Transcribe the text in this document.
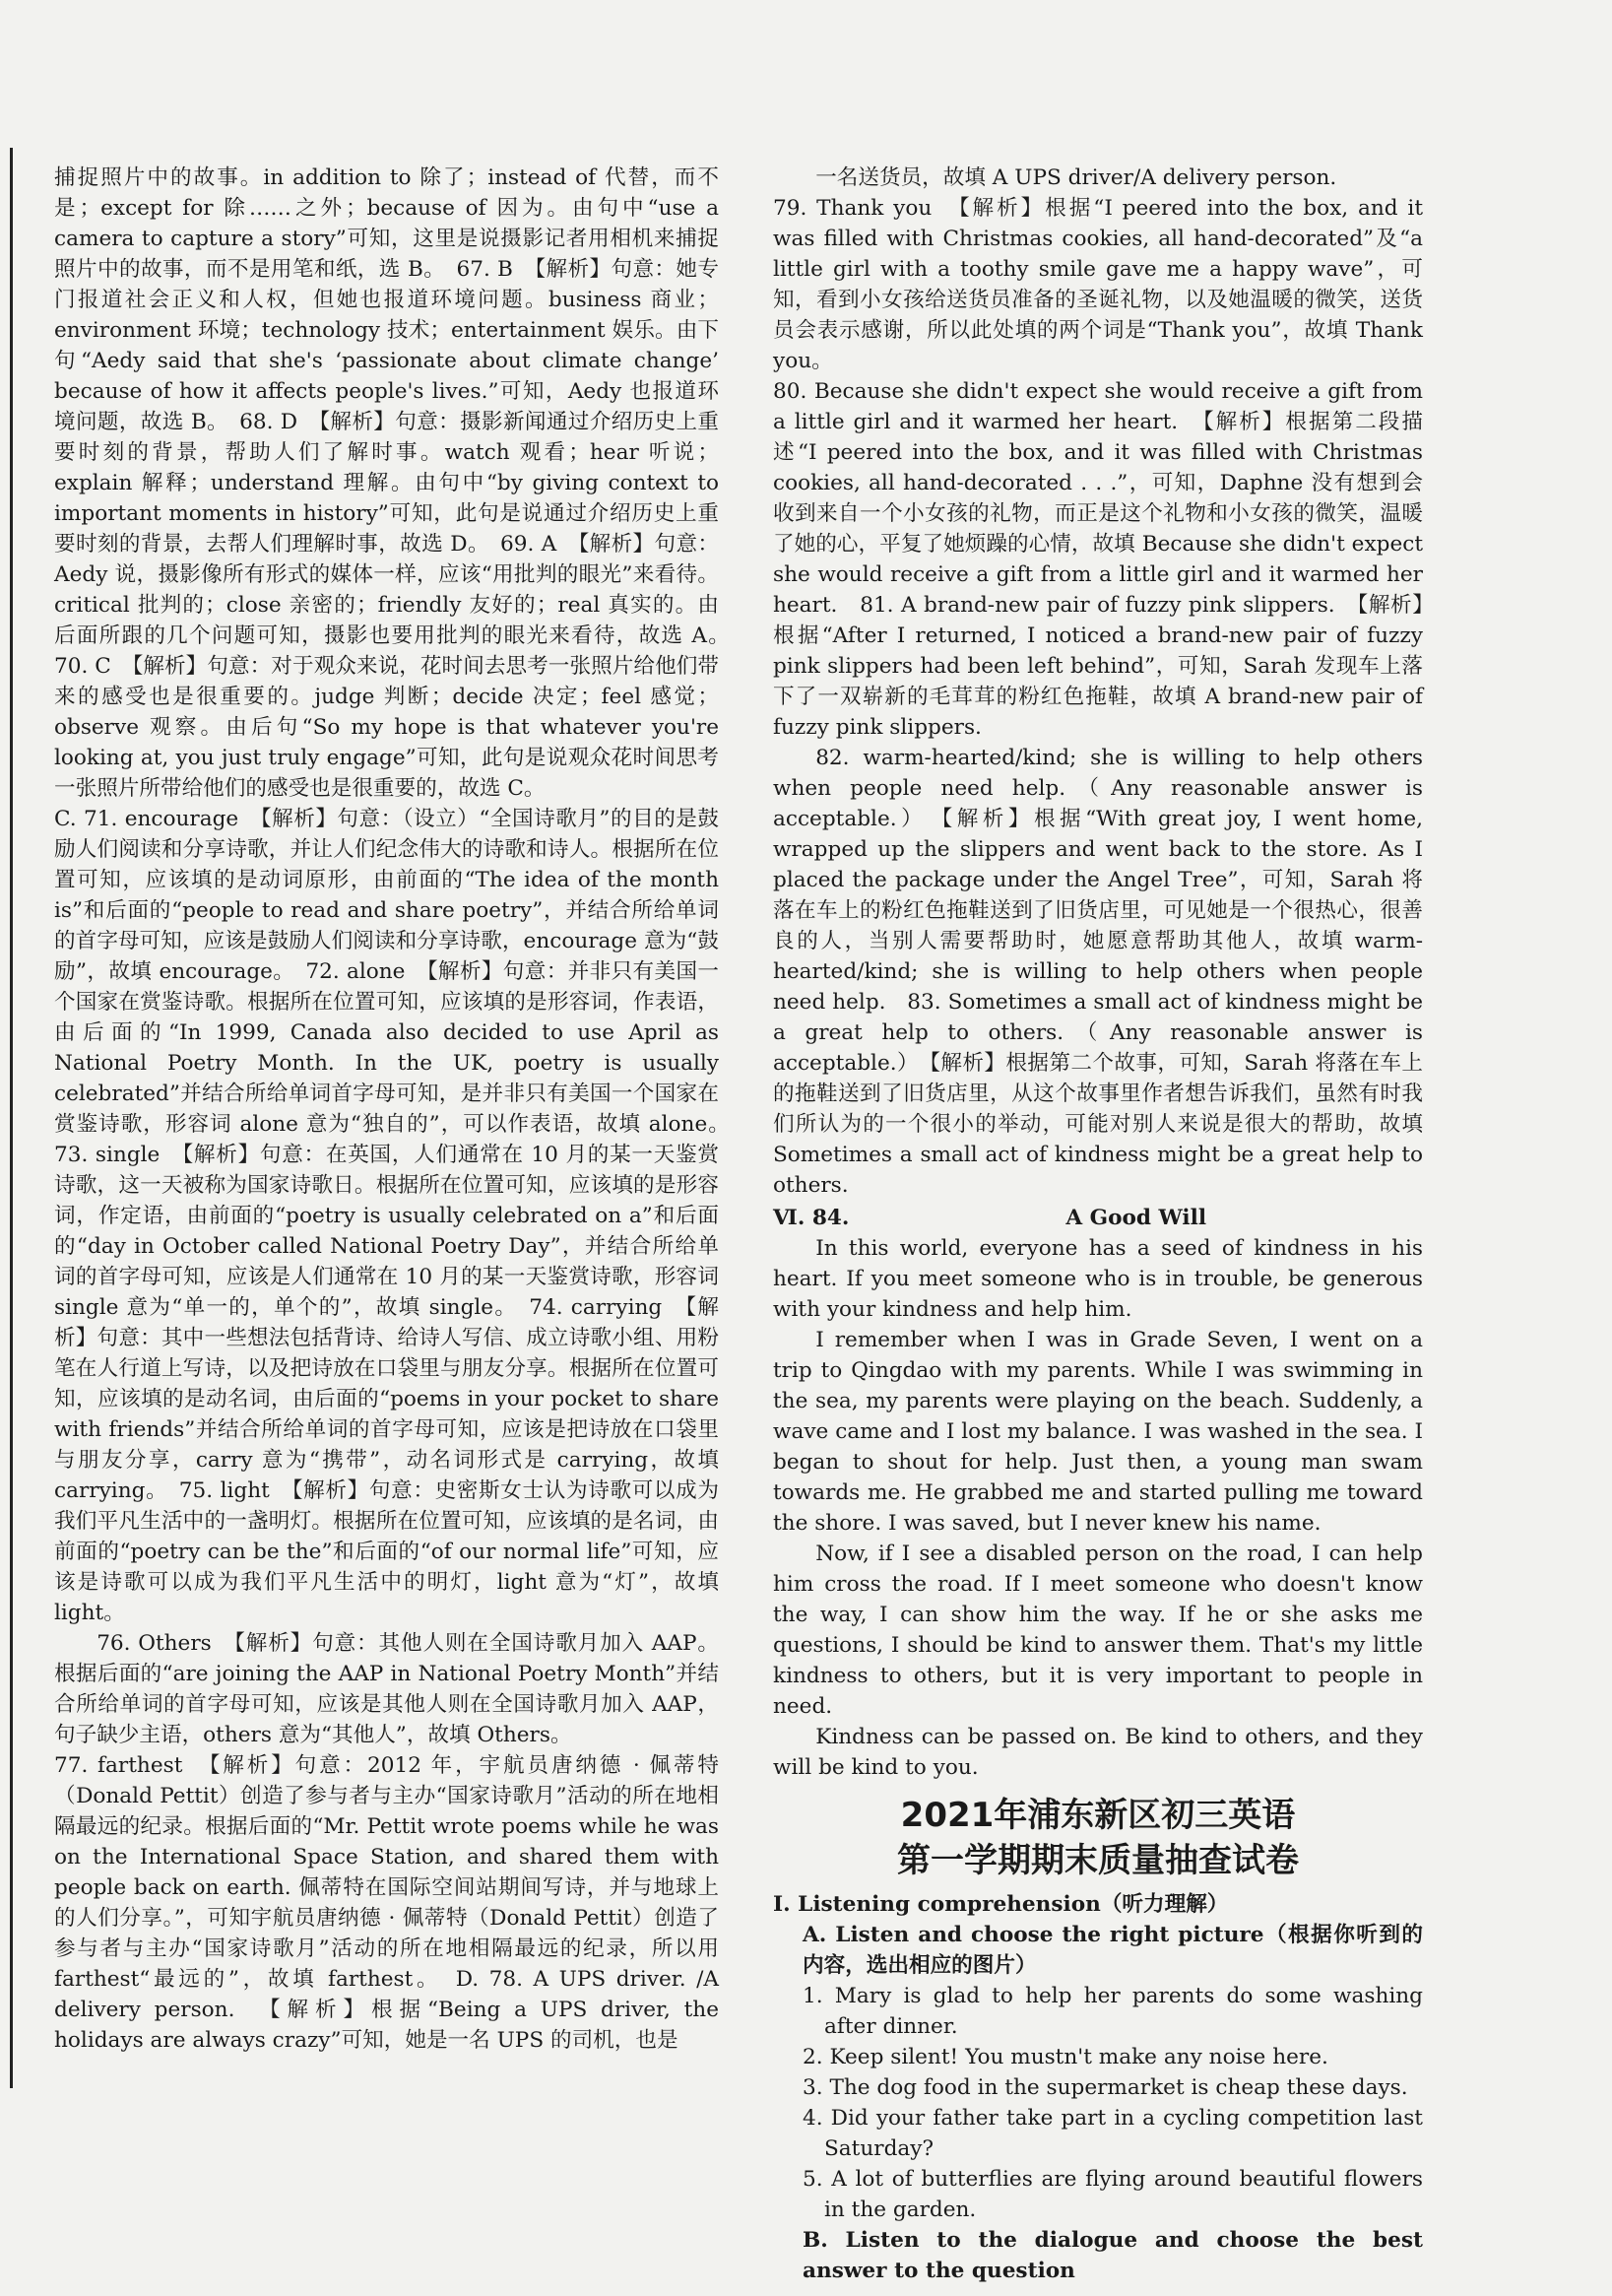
捕捉照片中的故事。in addition to 除了；instead of 代替，而不是；except for 除……之外；because of 因为。由句中“use a camera to capture a story”可知，这里是说摄影记者用相机来捕捉照片中的故事，而不是用笔和纸，选 B。　67. B　【解析】句意：她专门报道社会正义和人权，但她也报道环境问题。business 商业；environment 环境；technology 技术；entertainment 娱乐。由下句“Aedy said that she's ‘passionate about climate change’ because of how it affects people's lives.”可知，Aedy 也报道环境问题，故选 B。　68. D　【解析】句意：摄影新闻通过介绍历史上重要时刻的背景，帮助人们了解时事。watch 观看；hear 听说；explain 解释；understand 理解。由句中“by giving context to important moments in history”可知，此句是说通过介绍历史上重要时刻的背景，去帮人们理解时事，故选 D。　69. A　【解析】句意：Aedy 说，摄影像所有形式的媒体一样，应该“用批判的眼光”来看待。critical 批判的；close 亲密的；friendly 友好的；real 真实的。由后面所跟的几个问题可知，摄影也要用批判的眼光来看待，故选 A。　70. C　【解析】句意：对于观众来说，花时间去思考一张照片给他们带来的感受也是很重要的。judge 判断；decide 决定；feel 感觉；observe 观察。由后句“So my hope is that whatever you're looking at, you just truly engage”可知，此句是说观众花时间思考一张照片所带给他们的感受也是很重要的，故选 C。

C. 71. encourage　【解析】句意：（设立）“全国诗歌月”的目的是鼓励人们阅读和分享诗歌，并让人们纪念伟大的诗歌和诗人。根据所在位置可知，应该填的是动词原形，由前面的“The idea of the month is”和后面的“people to read and share poetry”，并结合所给单词的首字母可知，应该是鼓励人们阅读和分享诗歌，encourage 意为“鼓励”，故填 encourage。　72. alone　【解析】句意：并非只有美国一个国家在赏鉴诗歌。根据所在位置可知，应该填的是形容词，作表语，由后面的“In 1999, Canada also decided to use April as National Poetry Month. In the UK, poetry is usually celebrated”并结合所给单词首字母可知，是并非只有美国一个国家在赏鉴诗歌，形容词 alone 意为“独自的”，可以作表语，故填 alone。　73. single　【解析】句意：在英国，人们通常在 10 月的某一天鉴赏诗歌，这一天被称为国家诗歌日。根据所在位置可知，应该填的是形容词，作定语，由前面的“poetry is usually celebrated on a”和后面的“day in October called National Poetry Day”，并结合所给单词的首字母可知，应该是人们通常在 10 月的某一天鉴赏诗歌，形容词 single 意为“单一的，单个的”，故填 single。　74. carrying　【解析】句意：其中一些想法包括背诗、给诗人写信、成立诗歌小组、用粉笔在人行道上写诗，以及把诗放在口袋里与朋友分享。根据所在位置可知，应该填的是动名词，由后面的“poems in your pocket to share with friends”并结合所给单词的首字母可知，应该是把诗放在口袋里与朋友分享，carry 意为“携带”，动名词形式是 carrying，故填 carrying。　75. light　【解析】句意：史密斯女士认为诗歌可以成为我们平凡生活中的一盏明灯。根据所在位置可知，应该填的是名词，由前面的“poetry can be the”和后面的“of our normal life”可知，应该是诗歌可以成为我们平凡生活中的明灯，light 意为“灯”，故填 light。

76. Others　【解析】句意：其他人则在全国诗歌月加入 AAP。根据后面的“are joining the AAP in National Poetry Month”并结合所给单词的首字母可知，应该是其他人则在全国诗歌月加入 AAP，句子缺少主语，others 意为“其他人”，故填 Others。

77. farthest　【解析】句意：2012 年，宇航员唐纳德 · 佩蒂特（Donald Pettit）创造了参与者与主办“国家诗歌月”活动的所在地相隔最远的纪录。根据后面的“Mr. Pettit wrote poems while he was on the International Space Station, and shared them with people back on earth. 佩蒂特在国际空间站期间写诗，并与地球上的人们分享。”，可知宇航员唐纳德 · 佩蒂特（Donald Pettit）创造了参与者与主办“国家诗歌月”活动的所在地相隔最远的纪录，所以用 farthest“最远的”，故填 farthest。　D. 78. A UPS driver. /A delivery person.　【解析】根据“Being a UPS driver, the holidays are always crazy”可知，她是一名 UPS 的司机，也是

一名送货员，故填 A UPS driver/A delivery person.

79. Thank you　【解析】根据“I peered into the box, and it was filled with Christmas cookies, all hand-decorated”及“a little girl with a toothy smile gave me a happy wave”，可知，看到小女孩给送货员准备的圣诞礼物，以及她温暖的微笑，送货员会表示感谢，所以此处填的两个词是“Thank you”，故填 Thank you。

80. Because she didn't expect she would receive a gift from a little girl and it warmed her heart.　【解析】根据第二段描述“I peered into the box, and it was filled with Christmas cookies, all hand-decorated . . .”，可知，Daphne 没有想到会收到来自一个小女孩的礼物，而正是这个礼物和小女孩的微笑，温暖了她的心，平复了她烦躁的心情，故填 Because she didn't expect she would receive a gift from a little girl and it warmed her heart.　81. A brand-new pair of fuzzy pink slippers.　【解析】根据“After I returned, I noticed a brand-new pair of fuzzy pink slippers had been left behind”，可知，Sarah 发现车上落下了一双崭新的毛茸茸的粉红色拖鞋，故填 A brand-new pair of fuzzy pink slippers.

82. warm-hearted/kind; she is willing to help others when people need help.（Any reasonable answer is acceptable.）　【解析】根据“With great joy, I went home, wrapped up the slippers and went back to the store. As I placed the package under the Angel Tree”，可知，Sarah 将落在车上的粉红色拖鞋送到了旧货店里，可见她是一个很热心，很善良的人，当别人需要帮助时，她愿意帮助其他人，故填 warm-hearted/kind; she is willing to help others when people need help.　83. Sometimes a small act of kindness might be a great help to others.（Any reasonable answer is acceptable.）　【解析】根据第二个故事，可知，Sarah 将落在车上的拖鞋送到了旧货店里，从这个故事里作者想告诉我们，虽然有时我们所认为的一个很小的举动，可能对别人来说是很大的帮助，故填 Sometimes a small act of kindness might be a great help to others.

Ⅵ. 84.	A Good Will

In this world, everyone has a seed of kindness in his heart. If you meet someone who is in trouble, be generous with your kindness and help him.

I remember when I was in Grade Seven, I went on a trip to Qingdao with my parents. While I was swimming in the sea, my parents were playing on the beach. Suddenly, a wave came and I lost my balance. I was washed in the sea. I began to shout for help. Just then, a young man swam towards me. He grabbed me and started pulling me toward the shore. I was saved, but I never knew his name.

Now, if I see a disabled person on the road, I can help him cross the road. If I meet someone who doesn't know the way, I can show him the way. If he or she asks me questions, I should be kind to answer them. That's my little kindness to others, but it is very important to people in need.

Kindness can be passed on. Be kind to others, and they will be kind to you.

2021年浦东新区初三英语
第一学期期末质量抽查试卷

Ⅰ. Listening comprehension（听力理解）

A. Listen and choose the right picture（根据你听到的内容，选出相应的图片）

1. Mary is glad to help her parents do some washing after dinner.

2. Keep silent! You mustn't make any noise here.

3. The dog food in the supermarket is cheap these days.

4. Did your father take part in a cycling competition last Saturday?

5. A lot of butterflies are flying around beautiful flowers in the garden.

B. Listen to the dialogue and choose the best answer to the question
